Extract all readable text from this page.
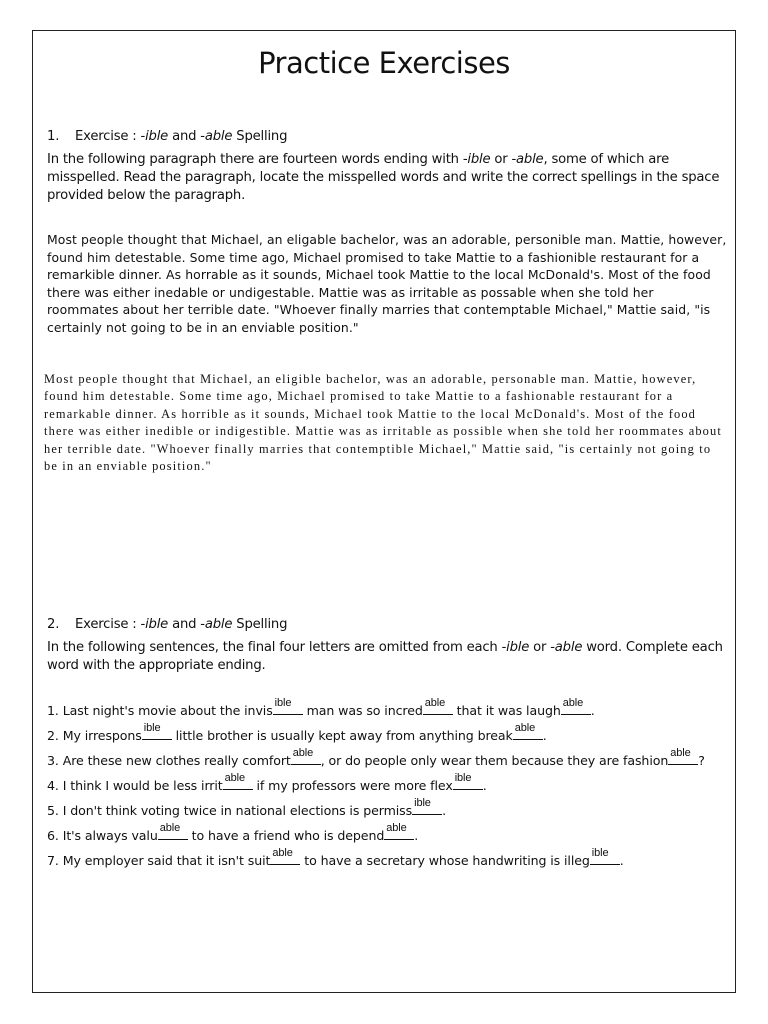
Practice Exercises
1. Exercise : -ible and -able Spelling
In the following paragraph there are fourteen words ending with -ible or -able, some of which are misspelled. Read the paragraph, locate the misspelled words and write the correct spellings in the space provided below the paragraph.
Most people thought that Michael, an eligable bachelor, was an adorable, personible man. Mattie, however, found him detestable. Some time ago, Michael promised to take Mattie to a fashionible restaurant for a remarkible dinner. As horrable as it sounds, Michael took Mattie to the local McDonald's. Most of the food there was either inedable or undigestable. Mattie was as irritable as possable when she told her roommates about her terrible date. "Whoever finally marries that contemptable Michael," Mattie said, "is certainly not going to be in an enviable position."
Most people thought that Michael, an eligible bachelor, was an adorable, personable man. Mattie, however, found him detestable. Some time ago, Michael promised to take Mattie to a fashionable restaurant for a remarkable dinner. As horrible as it sounds, Michael took Mattie to the local McDonald's. Most of the food there was either inedible or indigestible. Mattie was as irritable as possible when she told her roommates about her terrible date. "Whoever finally marries that contemptible Michael," Mattie said, "is certainly not going to be in an enviable position."
2. Exercise : -ible and -able Spelling
In the following sentences, the final four letters are omitted from each -ible or -able word. Complete each word with the appropriate ending.
1. Last night's movie about the invis ible man was so incred able that it was laugh able .
2. My irrespons ible little brother is usually kept away from anything break able .
3. Are these new clothes really comfort able , or do people only wear them because they are fashion able ?
4. I think I would be less irrit able if my professors were more flex ible .
5. I don't think voting twice in national elections is permiss ible .
6. It's always valu able to have a friend who is depend able .
7. My employer said that it isn't suit able to have a secretary whose handwriting is illeg ible .
